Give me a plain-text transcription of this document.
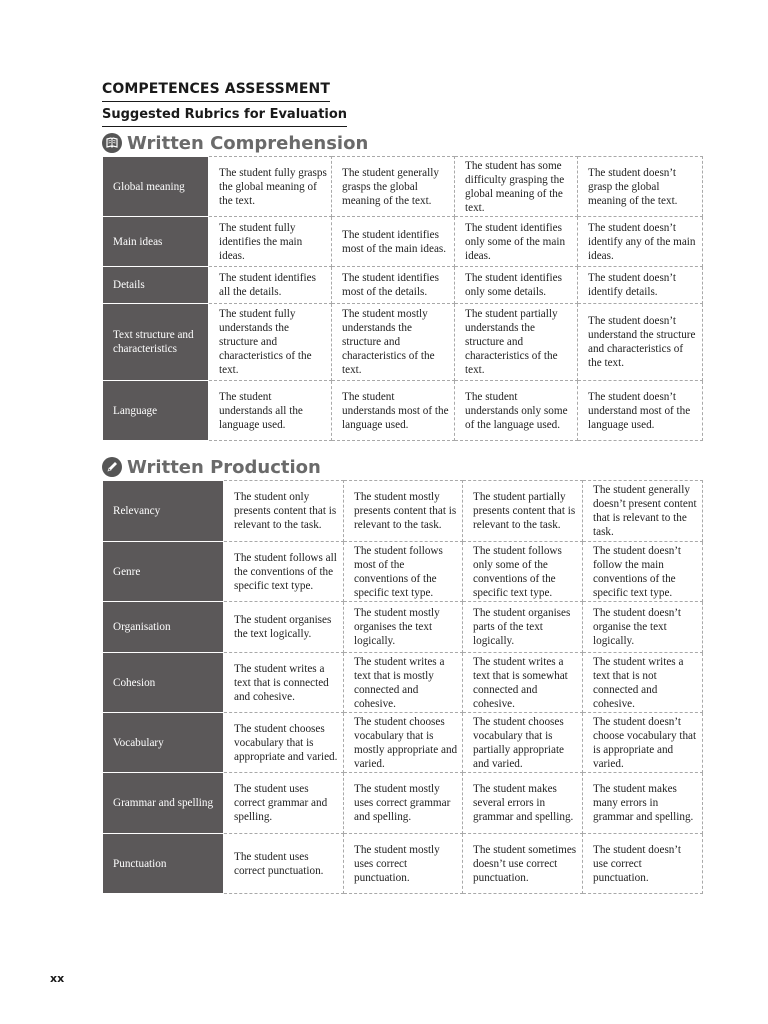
COMPETENCES ASSESSMENT
Suggested Rubrics for Evaluation
Written Comprehension
Global meaning	The student fully grasps the global meaning of the text.	The student generally grasps the global meaning of the text.	The student has some difficulty grasping the global meaning of the text.	The student doesn’t grasp the global meaning of the text.
Main ideas	The student fully identifies the main ideas.	The student identifies most of the main ideas.	The student identifies only some of the main ideas.	The student doesn’t identify any of the main ideas.
Details	The student identifies all the details.	The student identifies most of the details.	The student identifies only some details.	The student doesn’t identify details.
Text structure and characteristics	The student fully understands the structure and characteristics of the text.	The student mostly understands the structure and characteristics of the text.	The student partially understands the structure and characteristics of the text.	The student doesn’t understand the structure and characteristics of the text.
Language	The student understands all the language used.	The student understands most of the language used.	The student understands only some of the language used.	The student doesn’t understand most of the language used.
Written Production
Relevancy	The student only presents content that is relevant to the task.	The student mostly presents content that is relevant to the task.	The student partially presents content that is relevant to the task.	The student generally doesn’t present content that is relevant to the task.
Genre	The student follows all the conventions of the specific text type.	The student follows most of the conventions of the specific text type.	The student follows only some of the conventions of the specific text type.	The student doesn’t follow the main conventions of the specific text type.
Organisation	The student organises the text logically.	The student mostly organises the text logically.	The student organises parts of the text logically.	The student doesn’t organise the text logically.
Cohesion	The student writes a text that is connected and cohesive.	The student writes a text that is mostly connected and cohesive.	The student writes a text that is somewhat connected and cohesive.	The student writes a text that is not connected and cohesive.
Vocabulary	The student chooses vocabulary that is appropriate and varied.	The student chooses vocabulary that is mostly appropriate and varied.	The student chooses vocabulary that is partially appropriate and varied.	The student doesn’t choose vocabulary that is appropriate and varied.
Grammar and spelling	The student uses correct grammar and spelling.	The student mostly uses correct grammar and spelling.	The student makes several errors in grammar and spelling.	The student makes many errors in grammar and spelling.
Punctuation	The student uses correct punctuation.	The student mostly uses correct punctuation.	The student sometimes doesn’t use correct punctuation.	The student doesn’t use correct punctuation.
xx
